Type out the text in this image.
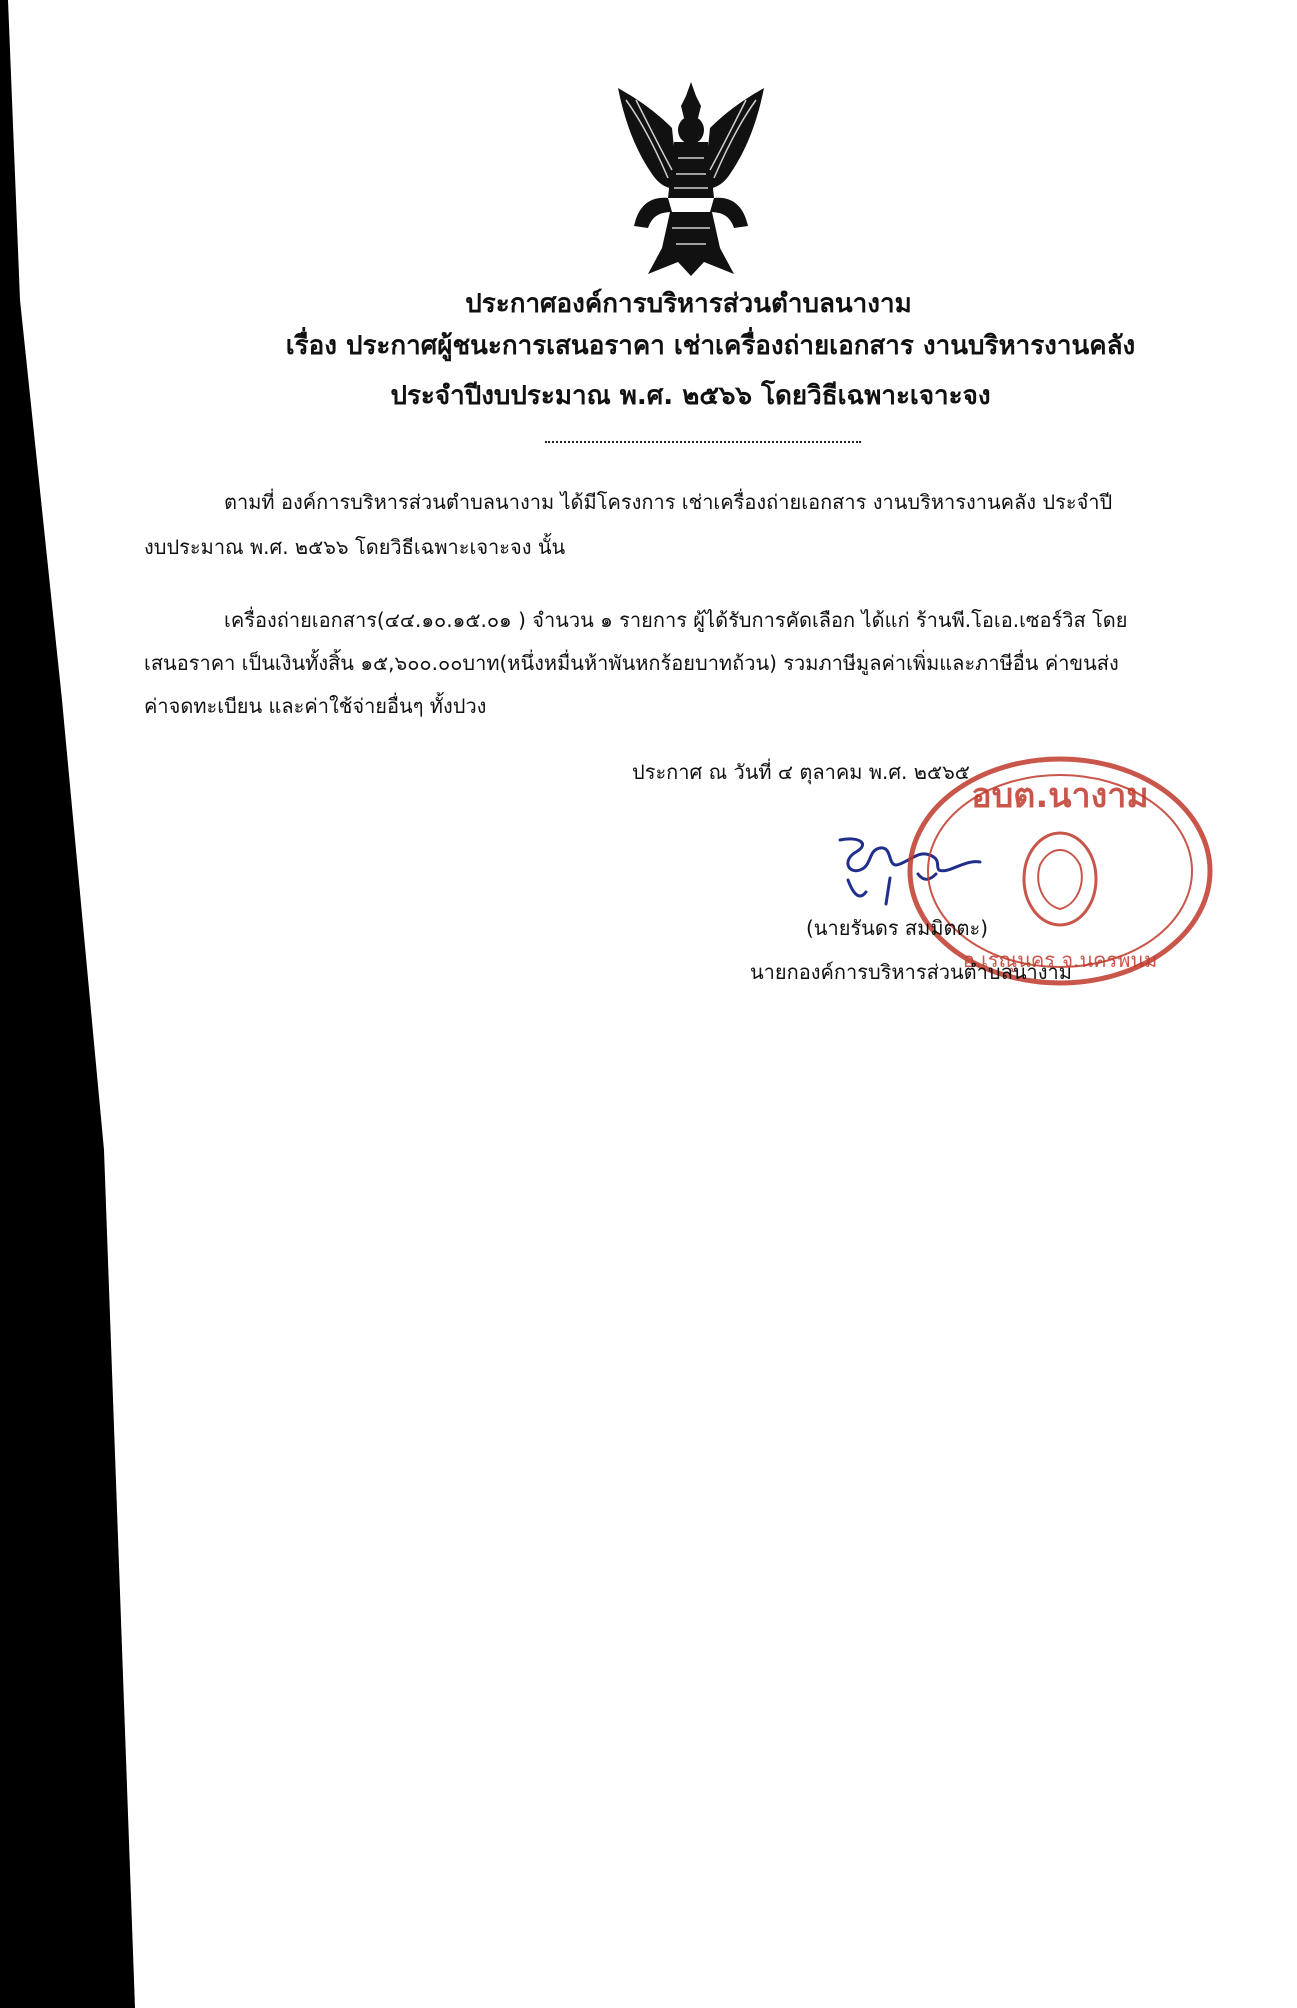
ประกาศองค์การบริหารส่วนตำบลนางาม

เรื่อง ประกาศผู้ชนะการเสนอราคา เช่าเครื่องถ่ายเอกสาร งานบริหารงานคลัง

ประจำปีงบประมาณ พ.ศ. ๒๕๖๖ โดยวิธีเฉพาะเจาะจง

ตามที่ องค์การบริหารส่วนตำบลนางาม ได้มีโครงการ เช่าเครื่องถ่ายเอกสาร งานบริหารงานคลัง ประจำปี

งบประมาณ พ.ศ. ๒๕๖๖ โดยวิธีเฉพาะเจาะจง นั้น

เครื่องถ่ายเอกสาร(๔๔.๑๐.๑๕.๐๑ ) จำนวน ๑ รายการ ผู้ได้รับการคัดเลือก ได้แก่ ร้านพี.โอเอ.เซอร์วิส โดย

เสนอราคา เป็นเงินทั้งสิ้น ๑๕,๖๐๐.๐๐บาท(หนึ่งหมื่นห้าพันหกร้อยบาทถ้วน) รวมภาษีมูลค่าเพิ่มและภาษีอื่น ค่าขนส่ง

ค่าจดทะเบียน และค่าใช้จ่ายอื่นๆ ทั้งปวง

ประกาศ ณ วันที่ ๔ ตุลาคม พ.ศ. ๒๕๖๕

อบต.นางาม
อ.เรณูนคร จ.นครพนม

(นายรันดร สมมิตตะ)

นายกองค์การบริหารส่วนตำบลนางาม
